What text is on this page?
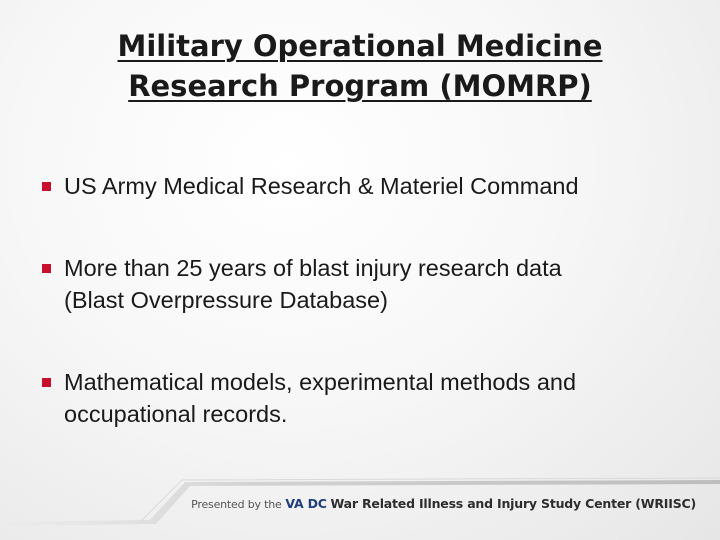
Military Operational Medicine
Research Program (MOMRP)
US Army Medical Research & Materiel Command
More than 25 years of blast injury research data
(Blast Overpressure Database)
Mathematical models, experimental methods and
occupational records.
Presented by the VA DC War Related Illness and Injury Study Center (WRIISC)
